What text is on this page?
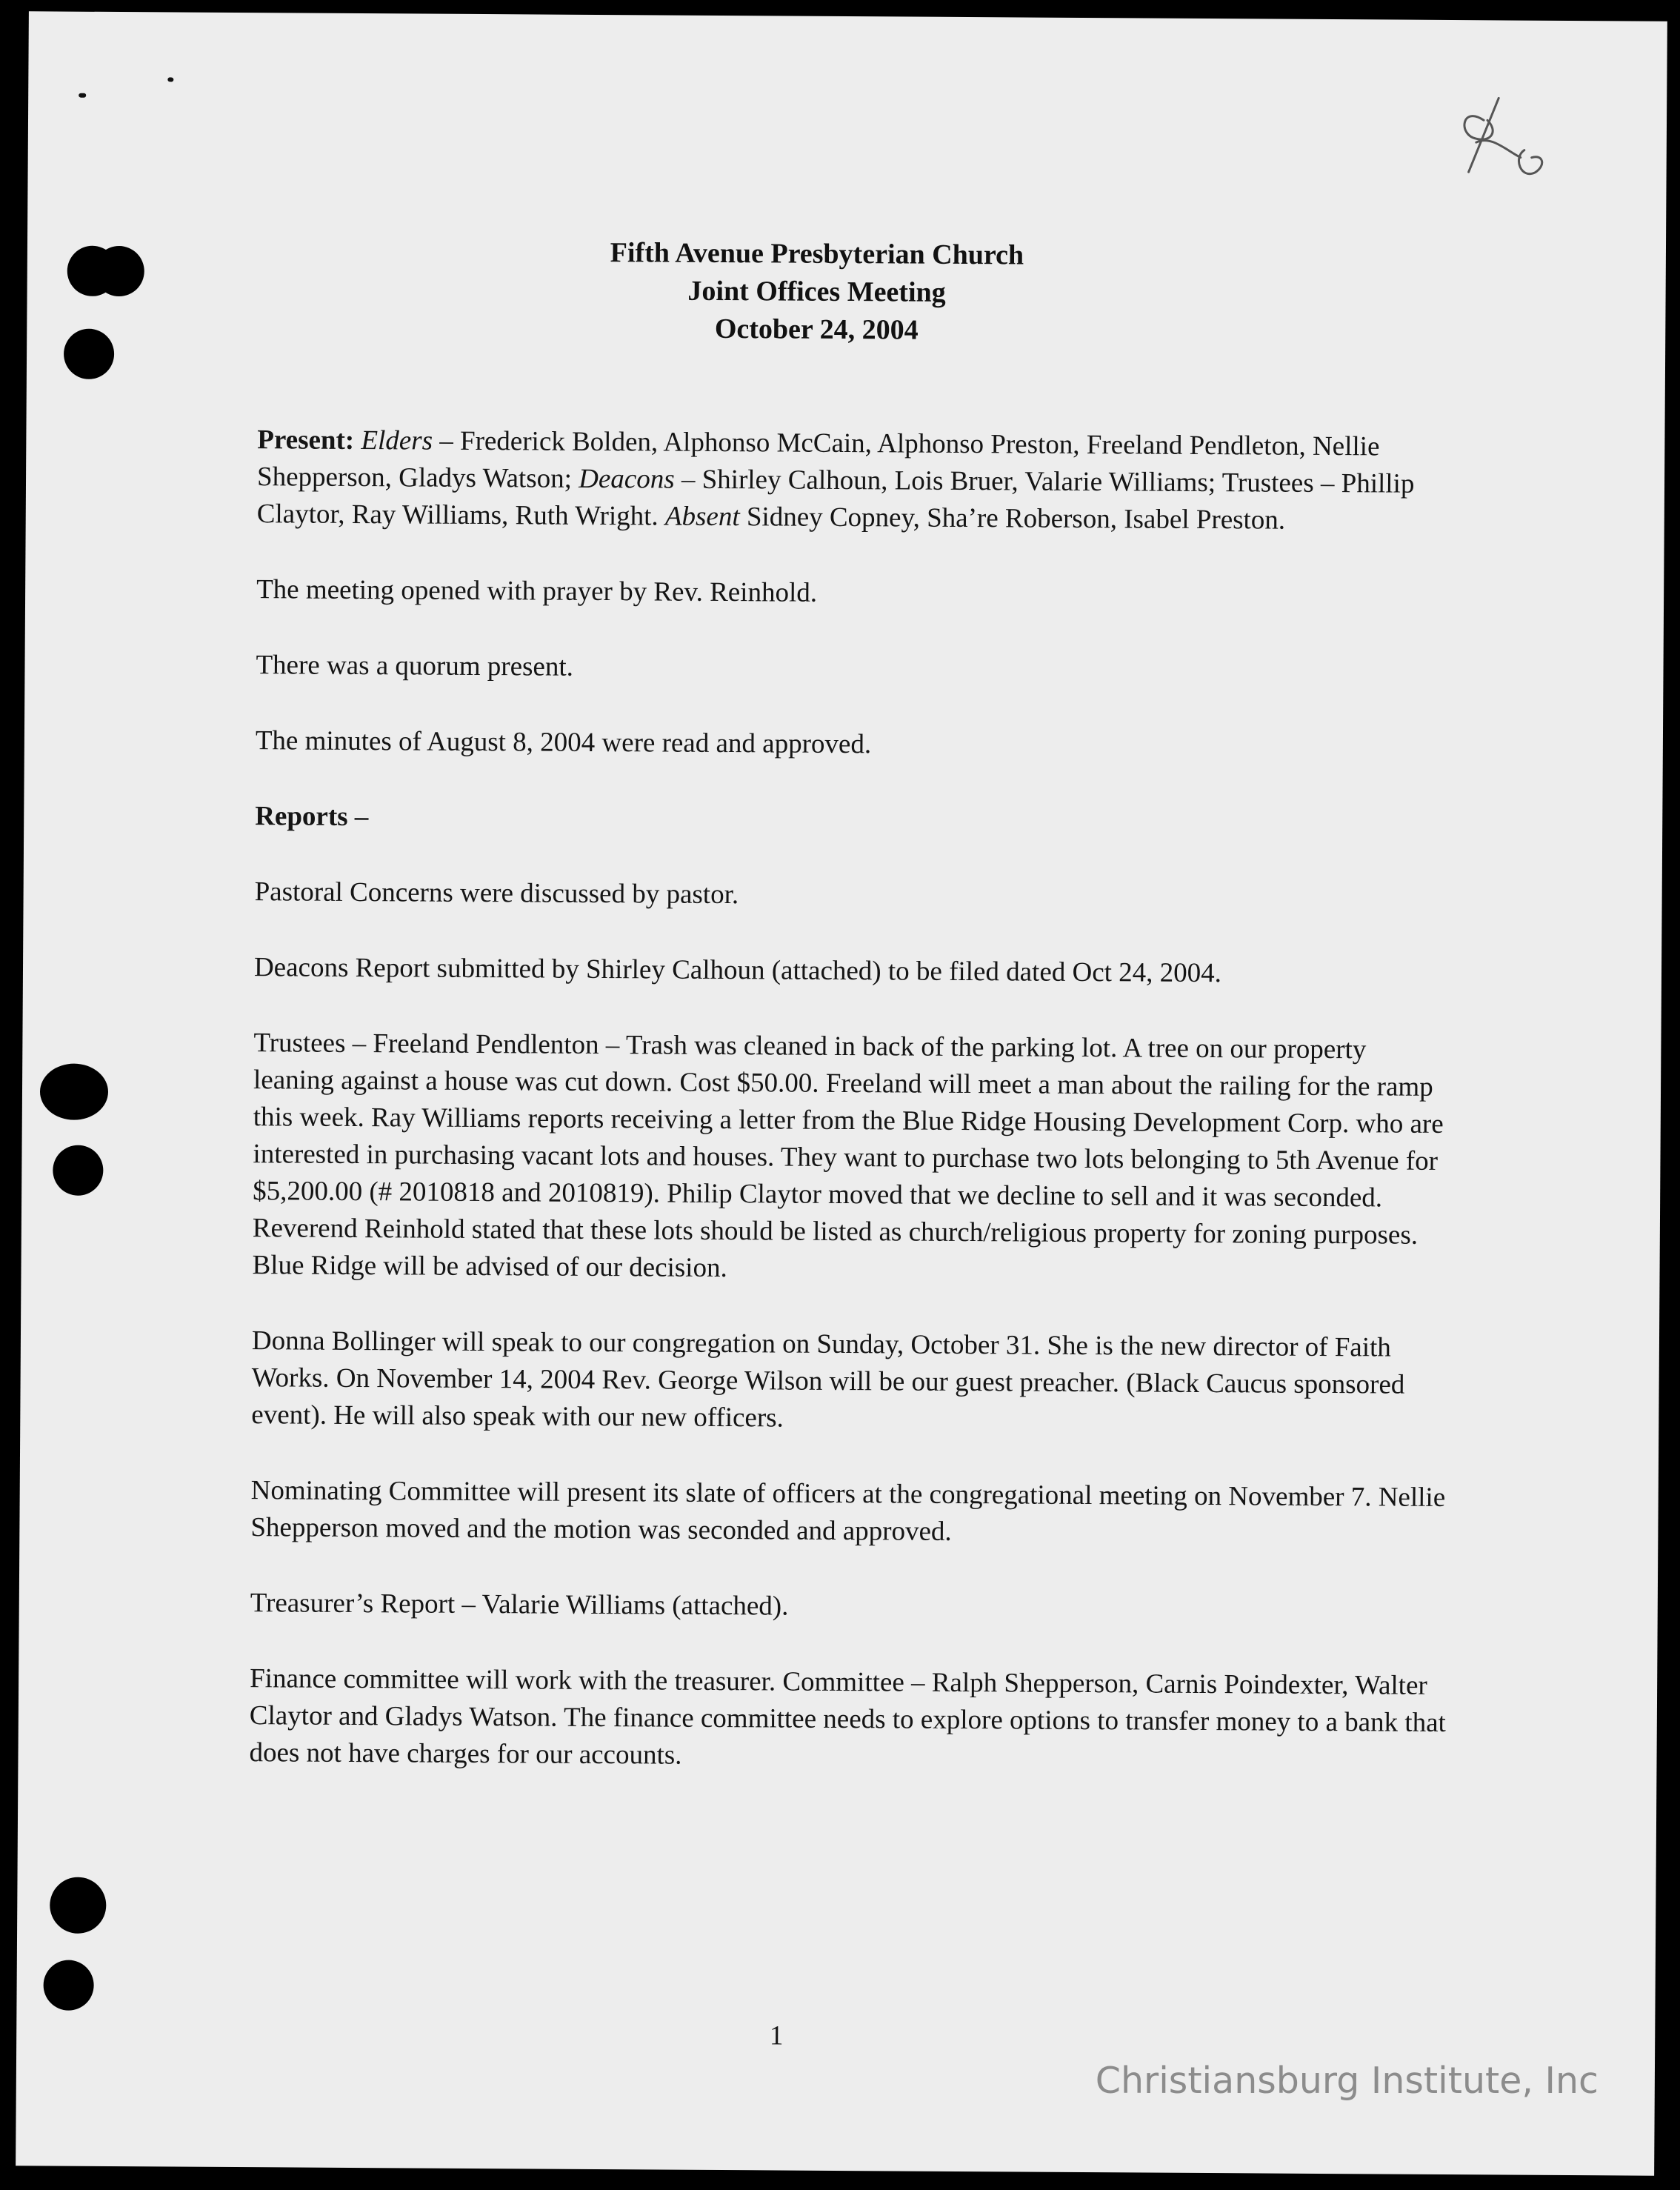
Fifth Avenue Presbyterian Church
Joint Offices Meeting
October 24, 2004

Present: Elders – Frederick Bolden, Alphonso McCain, Alphonso Preston, Freeland Pendleton, Nellie Shepperson, Gladys Watson; Deacons – Shirley Calhoun, Lois Bruer, Valarie Williams; Trustees – Phillip Claytor, Ray Williams, Ruth Wright. Absent Sidney Copney, Sha’re Roberson, Isabel Preston.

The meeting opened with prayer by Rev. Reinhold.

There was a quorum present.

The minutes of August 8, 2004 were read and approved.

Reports –

Pastoral Concerns were discussed by pastor.

Deacons Report submitted by Shirley Calhoun (attached) to be filed dated Oct 24, 2004.

Trustees – Freeland Pendlenton – Trash was cleaned in back of the parking lot. A tree on our property leaning against a house was cut down. Cost $50.00. Freeland will meet a man about the railing for the ramp this week. Ray Williams reports receiving a letter from the Blue Ridge Housing Development Corp. who are interested in purchasing vacant lots and houses. They want to purchase two lots belonging to 5th Avenue for $5,200.00 (# 2010818 and 2010819). Philip Claytor moved that we decline to sell and it was seconded. Reverend Reinhold stated that these lots should be listed as church/religious property for zoning purposes. Blue Ridge will be advised of our decision.

Donna Bollinger will speak to our congregation on Sunday, October 31. She is the new director of Faith Works. On November 14, 2004 Rev. George Wilson will be our guest preacher. (Black Caucus sponsored event). He will also speak with our new officers.

Nominating Committee will present its slate of officers at the congregational meeting on November 7. Nellie Shepperson moved and the motion was seconded and approved.

Treasurer’s Report – Valarie Williams (attached).

Finance committee will work with the treasurer. Committee – Ralph Shepperson, Carnis Poindexter, Walter Claytor and Gladys Watson. The finance committee needs to explore options to transfer money to a bank that does not have charges for our accounts.

1
Christiansburg Institute, Inc
